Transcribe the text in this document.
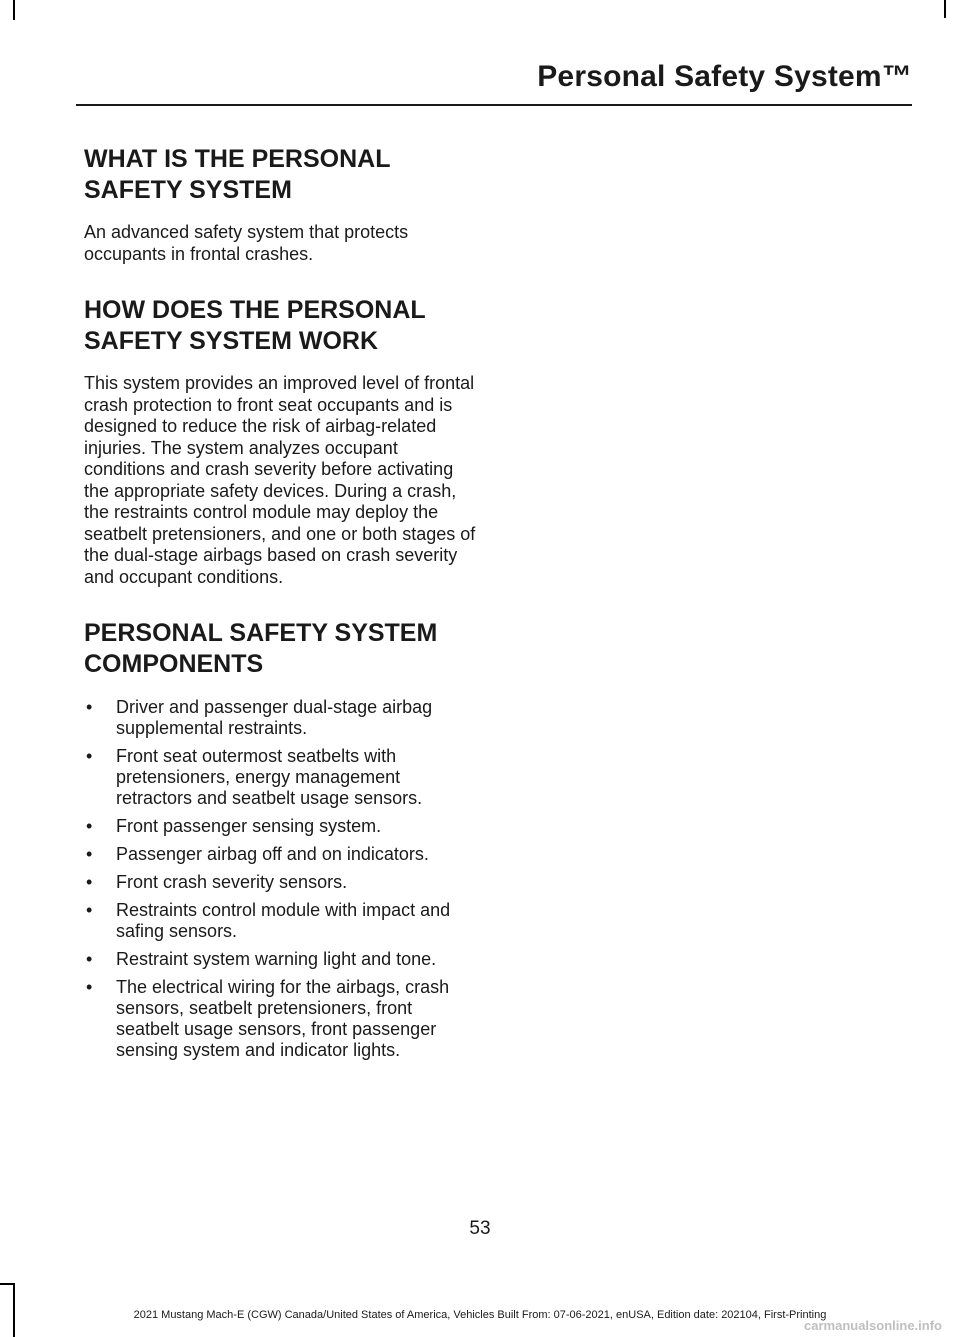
Personal Safety System™
WHAT IS THE PERSONAL SAFETY SYSTEM

An advanced safety system that protects occupants in frontal crashes.

HOW DOES THE PERSONAL SAFETY SYSTEM WORK

This system provides an improved level of frontal crash protection to front seat occupants and is designed to reduce the risk of airbag-related injuries. The system analyzes occupant conditions and crash severity before activating the appropriate safety devices. During a crash, the restraints control module may deploy the seatbelt pretensioners, and one or both stages of the dual-stage airbags based on crash severity and occupant conditions.

PERSONAL SAFETY SYSTEM COMPONENTS
• Driver and passenger dual-stage airbag supplemental restraints.
• Front seat outermost seatbelts with pretensioners, energy management retractors and seatbelt usage sensors.
• Front passenger sensing system.
• Passenger airbag off and on indicators.
• Front crash severity sensors.
• Restraints control module with impact and safing sensors.
• Restraint system warning light and tone.
• The electrical wiring for the airbags, crash sensors, seatbelt pretensioners, front seatbelt usage sensors, front passenger sensing system and indicator lights.
53
2021 Mustang Mach-E (CGW) Canada/United States of America, Vehicles Built From: 07-06-2021, enUSA, Edition date: 202104, First-Printing
carmanualsonline.info
